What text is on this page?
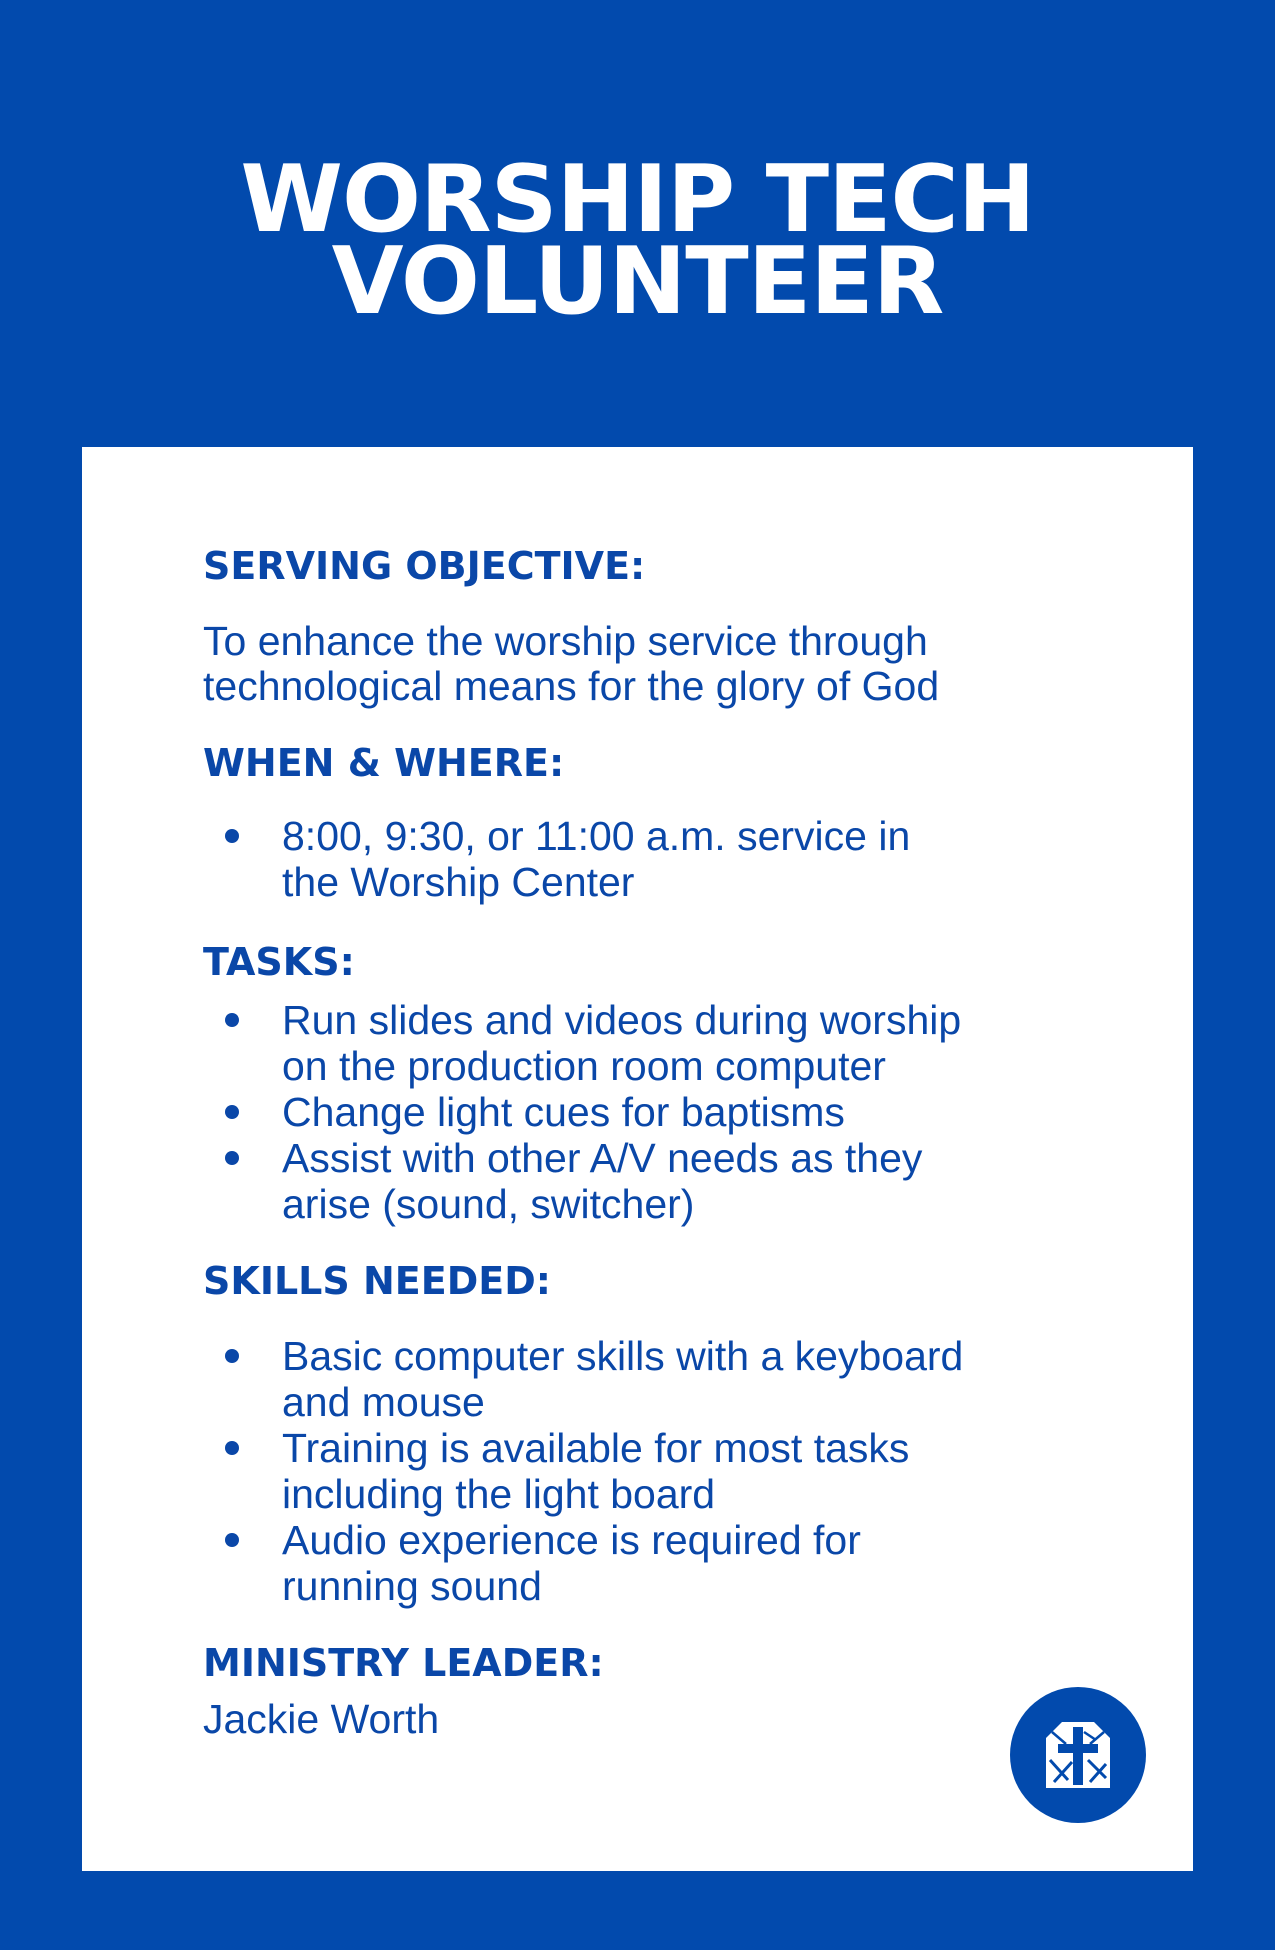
WORSHIP TECH
VOLUNTEER
SERVING OBJECTIVE:

To enhance the worship service through
technological means for the glory of God

WHEN & WHERE:
8:00, 9:30, or 11:00 a.m. service in
the Worship Center
TASKS:
Run slides and videos during worship
on the production room computer
Change light cues for baptisms
Assist with other A/V needs as they
arise (sound, switcher)
SKILLS NEEDED:
Basic computer skills with a keyboard
and mouse
Training is available for most tasks
including the light board
Audio experience is required for
running sound
MINISTRY LEADER:

Jackie Worth
